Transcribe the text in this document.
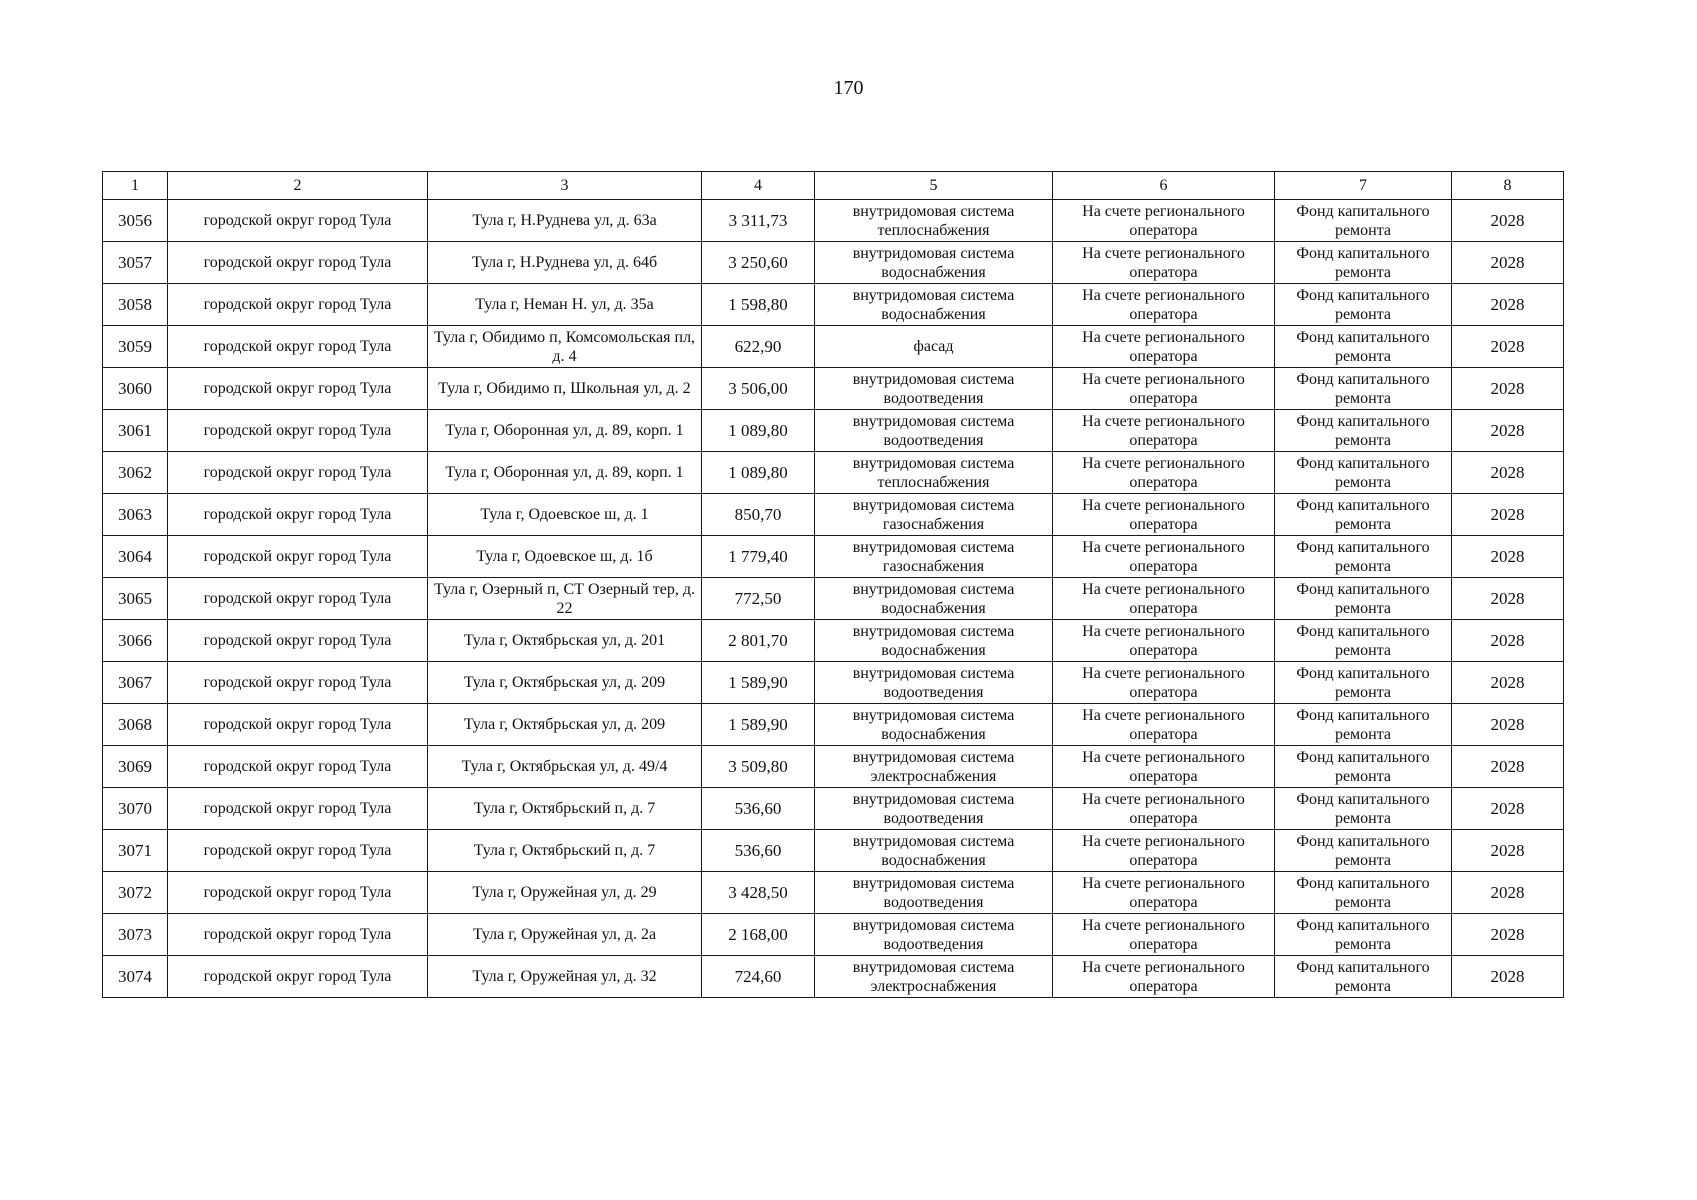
170
1	2	3	4	5	6	7	8
3056	городской округ город Тула	Тула г, Н.Руднева ул, д. 63а	3 311,73	внутридомовая система теплоснабжения	На счете регионального оператора	Фонд капитального ремонта	2028
3057	городской округ город Тула	Тула г, Н.Руднева ул, д. 64б	3 250,60	внутридомовая система водоснабжения	На счете регионального оператора	Фонд капитального ремонта	2028
3058	городской округ город Тула	Тула г, Неман Н. ул, д. 35а	1 598,80	внутридомовая система водоснабжения	На счете регионального оператора	Фонд капитального ремонта	2028
3059	городской округ город Тула	Тула г, Обидимо п, Комсомольская пл, д. 4	622,90	фасад	На счете регионального оператора	Фонд капитального ремонта	2028
3060	городской округ город Тула	Тула г, Обидимо п, Школьная ул, д. 2	3 506,00	внутридомовая система водоотведения	На счете регионального оператора	Фонд капитального ремонта	2028
3061	городской округ город Тула	Тула г, Оборонная ул, д. 89, корп. 1	1 089,80	внутридомовая система водоотведения	На счете регионального оператора	Фонд капитального ремонта	2028
3062	городской округ город Тула	Тула г, Оборонная ул, д. 89, корп. 1	1 089,80	внутридомовая система теплоснабжения	На счете регионального оператора	Фонд капитального ремонта	2028
3063	городской округ город Тула	Тула г, Одоевское ш, д. 1	850,70	внутридомовая система газоснабжения	На счете регионального оператора	Фонд капитального ремонта	2028
3064	городской округ город Тула	Тула г, Одоевское ш, д. 1б	1 779,40	внутридомовая система газоснабжения	На счете регионального оператора	Фонд капитального ремонта	2028
3065	городской округ город Тула	Тула г, Озерный п, СТ Озерный тер, д. 22	772,50	внутридомовая система водоснабжения	На счете регионального оператора	Фонд капитального ремонта	2028
3066	городской округ город Тула	Тула г, Октябрьская ул, д. 201	2 801,70	внутридомовая система водоснабжения	На счете регионального оператора	Фонд капитального ремонта	2028
3067	городской округ город Тула	Тула г, Октябрьская ул, д. 209	1 589,90	внутридомовая система водоотведения	На счете регионального оператора	Фонд капитального ремонта	2028
3068	городской округ город Тула	Тула г, Октябрьская ул, д. 209	1 589,90	внутридомовая система водоснабжения	На счете регионального оператора	Фонд капитального ремонта	2028
3069	городской округ город Тула	Тула г, Октябрьская ул, д. 49/4	3 509,80	внутридомовая система электроснабжения	На счете регионального оператора	Фонд капитального ремонта	2028
3070	городской округ город Тула	Тула г, Октябрьский п, д. 7	536,60	внутридомовая система водоотведения	На счете регионального оператора	Фонд капитального ремонта	2028
3071	городской округ город Тула	Тула г, Октябрьский п, д. 7	536,60	внутридомовая система водоснабжения	На счете регионального оператора	Фонд капитального ремонта	2028
3072	городской округ город Тула	Тула г, Оружейная ул, д. 29	3 428,50	внутридомовая система водоотведения	На счете регионального оператора	Фонд капитального ремонта	2028
3073	городской округ город Тула	Тула г, Оружейная ул, д. 2а	2 168,00	внутридомовая система водоотведения	На счете регионального оператора	Фонд капитального ремонта	2028
3074	городской округ город Тула	Тула г, Оружейная ул, д. 32	724,60	внутридомовая система электроснабжения	На счете регионального оператора	Фонд капитального ремонта	2028
